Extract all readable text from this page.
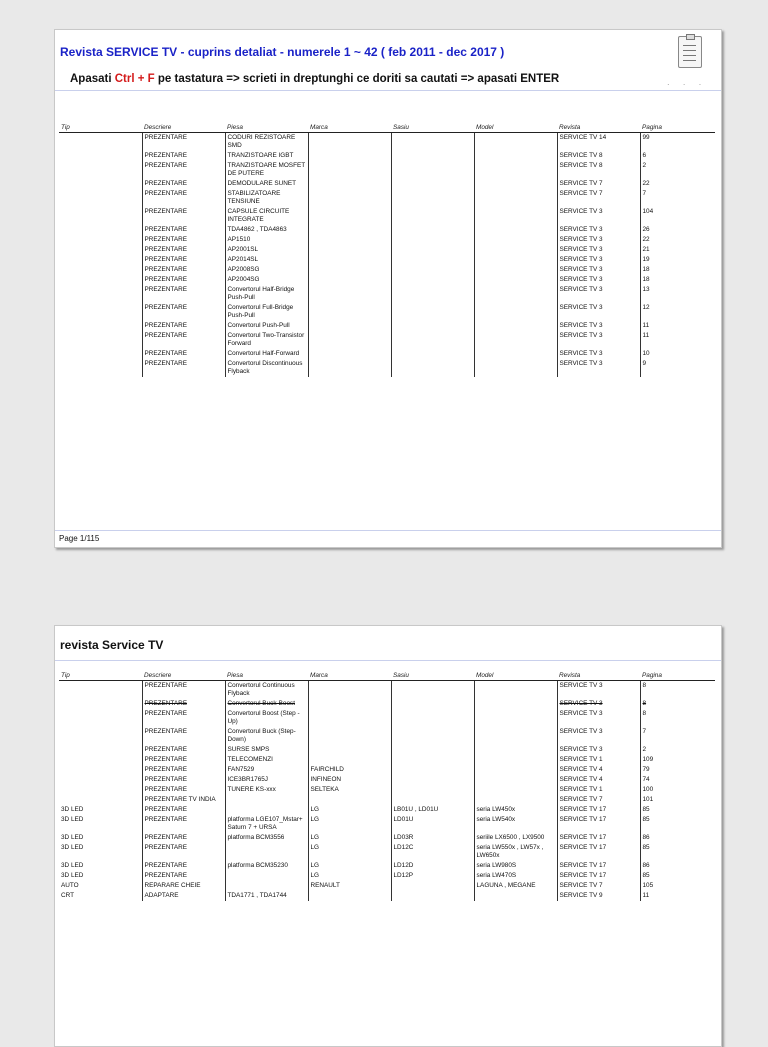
Revista SERVICE TV - cuprins detaliat - numerele 1 ~ 42 ( feb 2011 - dec 2017 )
. . .
Apasati Ctrl + F pe tastatura => scrieti in dreptunghi ce doriti sa cautati => apasati ENTER
Tip	Descriere	Piesa	Marca	Sasiu	Model	Revista	Pagina
	PREZENTARE	CODURI REZISTOARE SMD				SERVICE TV 14	99
	PREZENTARE	TRANZISTOARE IGBT				SERVICE TV 8	6
	PREZENTARE	TRANZISTOARE MOSFET DE PUTERE				SERVICE TV 8	2
	PREZENTARE	DEMODULARE SUNET				SERVICE TV 7	22
	PREZENTARE	STABILIZATOARE TENSIUNE				SERVICE TV 7	7
	PREZENTARE	CAPSULE CIRCUITE INTEGRATE				SERVICE TV 3	104
	PREZENTARE	TDA4862 , TDA4863				SERVICE TV 3	26
	PREZENTARE	AP1510				SERVICE TV 3	22
	PREZENTARE	AP2001SL				SERVICE TV 3	21
	PREZENTARE	AP2014SL				SERVICE TV 3	19
	PREZENTARE	AP2008SG				SERVICE TV 3	18
	PREZENTARE	AP2004SG				SERVICE TV 3	18
	PREZENTARE	Convertorul Half-Bridge Push-Pull				SERVICE TV 3	13
	PREZENTARE	Convertorul Full-Bridge Push-Pull				SERVICE TV 3	12
	PREZENTARE	Convertorul Push-Pull				SERVICE TV 3	11
	PREZENTARE	Convertorul Two-Transistor Forward				SERVICE TV 3	11
	PREZENTARE	Convertorul Half-Forward				SERVICE TV 3	10
	PREZENTARE	Convertorul Discontinuous Flyback				SERVICE TV 3	9
Page 1/115
revista Service TV
Tip	Descriere	Piesa	Marca	Sasiu	Model	Revista	Pagina
	PREZENTARE	Convertorul Continuous Flyback				SERVICE TV 3	8
	PREZENTARE	Convertorul Buck-Boost				SERVICE TV 3	8
	PREZENTARE	Convertorul Boost (Step - Up)				SERVICE TV 3	8
	PREZENTARE	Convertorul Buck (Step-Down)				SERVICE TV 3	7
	PREZENTARE	SURSE SMPS				SERVICE TV 3	2
	PREZENTARE	TELECOMENZI				SERVICE TV 1	109
	PREZENTARE	FAN7529	FAIRCHILD			SERVICE TV 4	79
	PREZENTARE	ICE3BR1765J	INFINEON			SERVICE TV 4	74
	PREZENTARE	TUNERE KS-xxx	SELTEKA			SERVICE TV 1	100
	PREZENTARE TV INDIA					SERVICE TV 7	101
3D LED	PREZENTARE		LG	LB01U , LD01U	seria LW450x	SERVICE TV 17	85
3D LED	PREZENTARE	platforma LGE107_Mstar+ Saturn 7 + URSA	LG	LD01U	seria LW540x	SERVICE TV 17	85
3D LED	PREZENTARE	platforma BCM3556	LG	LD03R	seriile LX6500 , LX9500	SERVICE TV 17	86
3D LED	PREZENTARE		LG	LD12C	seria LW550x , LW57x , LW650x	SERVICE TV 17	85
3D LED	PREZENTARE	platforma BCM35230	LG	LD12D	seria LW980S	SERVICE TV 17	86
3D LED	PREZENTARE		LG	LD12P	seria LW470S	SERVICE TV 17	85
AUTO	REPARARE CHEIE		RENAULT		LAGUNA , MEGANE	SERVICE TV 7	105
CRT	ADAPTARE	TDA1771 , TDA1744				SERVICE TV 9	11
